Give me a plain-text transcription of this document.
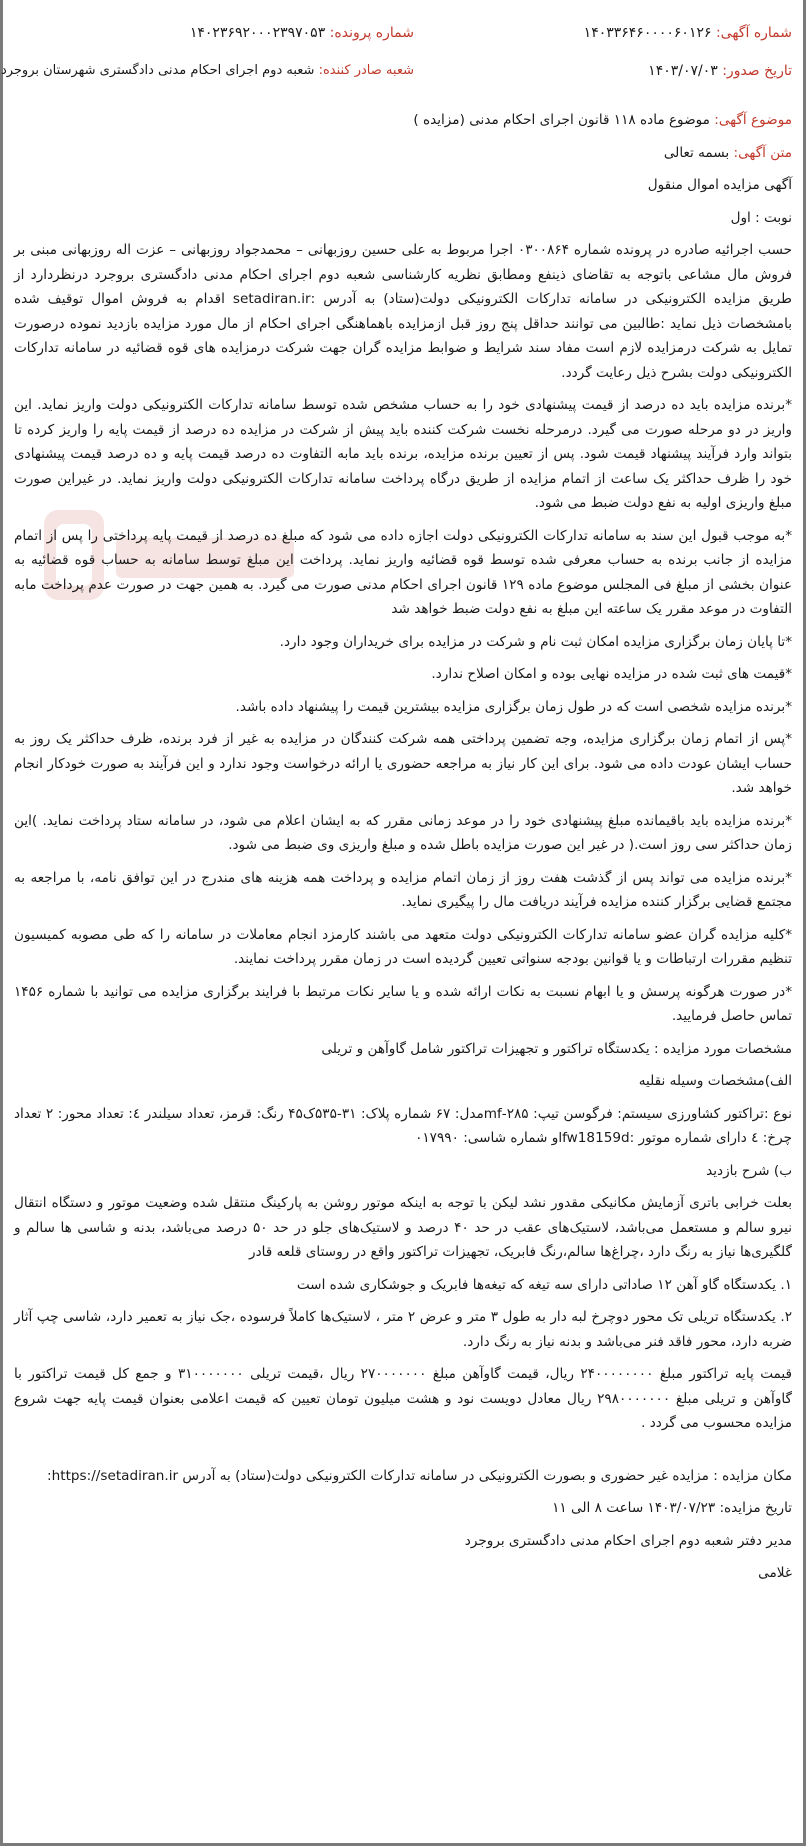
شماره آگهی: ۱۴۰۳۳۶۴۶۰۰۰۰۶۰۱۲۶
شماره پرونده: ۱۴۰۲۳۶۹۲۰۰۰۲۳۹۷۰۵۳
تاریخ صدور: ۱۴۰۳/۰۷/۰۳
شعبه صادر کننده: شعبه دوم اجرای احکام مدنی دادگستری شهرستان بروجرد

موضوع آگهی: موضوع ماده ۱۱۸ قانون اجرای احکام مدنی (مزایده )

متن آگهی: بسمه تعالی

آگهی مزایده اموال منقول

نوبت : اول

حسب اجرائیه صادره در پرونده شماره ۰۳۰۰۸۶۴ اجرا مربوط به علی حسین روزبهانی – محمدجواد روزبهانی – عزت اله روزبهانی مبنی بر فروش مال مشاعی باتوجه به تقاضای ذینفع ومطابق نظریه کارشناسی شعبه دوم اجرای احکام مدنی دادگستری بروجرد درنظردارد از طریق مزایده الکترونیکی در سامانه تدارکات الکترونیکی دولت(ستاد) به آدرس :setadiran.ir اقدام به فروش اموال توقیف شده بامشخصات ذیل نماید :طالبین می توانند حداقل پنج روز قبل ازمزایده باهماهنگی اجرای احکام از مال مورد مزایده بازدید نموده درصورت تمایل به شرکت درمزایده لازم است مفاد سند شرایط و ضوابط مزایده گران جهت شرکت درمزایده های قوه قضائیه در سامانه تدارکات الکترونیکی دولت بشرح ذیل رعایت گردد.

*برنده مزایده باید ده درصد از قیمت پیشنهادی خود را به حساب مشخص شده توسط سامانه تدارکات الکترونیکی دولت واریز نماید. این واریز در دو مرحله صورت می گیرد. درمرحله نخست شرکت کننده باید پیش از شرکت در مزایده ده درصد از قیمت پایه را واریز کرده تا بتواند وارد فرآیند پیشنهاد قیمت شود. پس از تعیین برنده مزایده، برنده باید مابه التفاوت ده درصد قیمت پایه و ده درصد قیمت پیشنهادی خود را ظرف حداکثر یک ساعت از اتمام مزایده از طریق درگاه پرداخت سامانه تدارکات الکترونیکی دولت واریز نماید. در غیراین صورت مبلغ واریزی اولیه به نفع دولت ضبط می شود.

*به موجب قبول این سند به سامانه تدارکات الکترونیکی دولت اجازه داده می شود که مبلغ ده درصد از قیمت پایه پرداختی را پس از اتمام مزایده از جانب برنده به حساب معرفی شده توسط قوه قضائیه واریز نماید. پرداخت این مبلغ توسط سامانه به حساب قوه قضائیه به عنوان بخشی از مبلغ فی المجلس موضوع ماده ۱۲۹ قانون اجرای احکام مدنی صورت می گیرد. به همین جهت در صورت عدم پرداخت مابه التفاوت در موعد مقرر یک ساعته این مبلغ به نفع دولت ضبط خواهد شد

*تا پایان زمان برگزاری مزایده امکان ثبت نام و شرکت در مزایده برای خریداران وجود دارد.

*قیمت های ثبت شده در مزایده نهایی بوده و امکان اصلاح ندارد.

*برنده مزایده شخصی است که در طول زمان برگزاری مزایده بیشترین قیمت را پیشنهاد داده باشد.

*پس از اتمام زمان برگزاری مزایده، وجه تضمین پرداختی همه شرکت کنندگان در مزایده به غیر از فرد برنده، ظرف حداکثر یک روز به حساب ایشان عودت داده می شود. برای این کار نیاز به مراجعه حضوری یا ارائه درخواست وجود ندارد و این فرآیند به صورت خودکار انجام خواهد شد.

*برنده مزایده باید باقیمانده مبلغ پیشنهادی خود را در موعد زمانی مقرر که به ایشان اعلام می شود، در سامانه ستاد پرداخت نماید. )این زمان حداکثر سی روز است.( در غیر این صورت مزایده باطل شده و مبلغ واریزی وی ضبط می شود.

*برنده مزایده می تواند پس از گذشت هفت روز از زمان اتمام مزایده و پرداخت همه هزینه های مندرج در این توافق نامه، با مراجعه به مجتمع قضایی برگزار کننده مزایده فرآیند دریافت مال را پیگیری نماید.

*کلیه مزایده گران عضو سامانه تدارکات الکترونیکی دولت متعهد می باشند کارمزد انجام معاملات در سامانه را که طی مصوبه کمیسیون تنظیم مقررات ارتباطات و یا قوانین بودجه سنواتی تعیین گردیده است در زمان مقرر پرداخت نمایند.

*در صورت هرگونه پرسش و یا ابهام نسبت به نکات ارائه شده و یا سایر نکات مرتبط با فرایند برگزاری مزایده می توانید با شماره ۱۴۵۶ تماس حاصل فرمایید.

مشخصات مورد مزایده : یکدستگاه تراکتور و تجهیزات تراکتور شامل گاوآهن و تریلی

الف)مشخصات وسیله نقلیه

نوع :تراکتور کشاورزی سیستم: فرگوسن تیپ: ۲۸۵-mfمدل: ۶۷ شماره پلاک: ۳۱-۵۳۵ک۴۵ رنگ: قرمز، تعداد سیلندر ٤: تعداد محور: ۲ تعداد چرخ: ٤ دارای شماره موتور :lfw18159dو شماره شاسی: ۰۱۷۹۹۰

ب) شرح بازدید

بعلت خرابی باتری آزمایش مکانیکی مقدور نشد لیکن با توجه به اینکه موتور روشن به پارکینگ منتقل شده وضعیت موتور و دستگاه انتقال نیرو سالم و مستعمل می‌باشد، لاستیک‌های عقب در حد ۴۰ درصد و لاستیک‌های جلو در حد ۵۰ درصد می‌باشد، بدنه و شاسی ها سالم و گلگیری‌ها نیاز به رنگ دارد ،چراغ‌ها سالم،رنگ فابریک، تجهیزات تراکتور واقع در روستای قلعه قادر

۱. یکدستگاه گاو آهن ۱۲ صاداتی دارای سه تیغه که تیغه‌ها فابریک و جوشکاری شده است

۲. یکدستگاه تریلی تک محور دوچرخ لبه دار به طول ۳ متر و عرض ۲ متر ، لاستیک‌ها کاملاً فرسوده ،جک نیاز به تعمیر دارد، شاسی چپ آثار ضربه دارد، محور فاقد فنر می‌باشد و بدنه نیاز به رنگ دارد.

قیمت پایه تراکتور مبلغ ۲۴۰۰۰۰۰۰۰۰ ریال، قیمت گاوآهن مبلغ ۲۷۰۰۰۰۰۰۰ ریال ،قیمت تریلی ۳۱۰۰۰۰۰۰۰ و جمع کل قیمت تراکتور با گاوآهن و تریلی مبلغ ۲۹۸۰۰۰۰۰۰۰ ریال معادل دویست نود و هشت میلیون تومان تعیین که قیمت اعلامی بعنوان قیمت پایه جهت شروع مزایده محسوب می گردد .

مکان مزایده : مزایده غیر حضوری و بصورت الکترونیکی در سامانه تدارکات الکترونیکی دولت(ستاد) به آدرس https://setadiran.ir:

تاریخ مزایده: ۱۴۰۳/۰۷/۲۳ ساعت ۸ الی ۱۱

مدیر دفتر شعبه دوم اجرای احکام مدنی دادگستری بروجرد

غلامی
